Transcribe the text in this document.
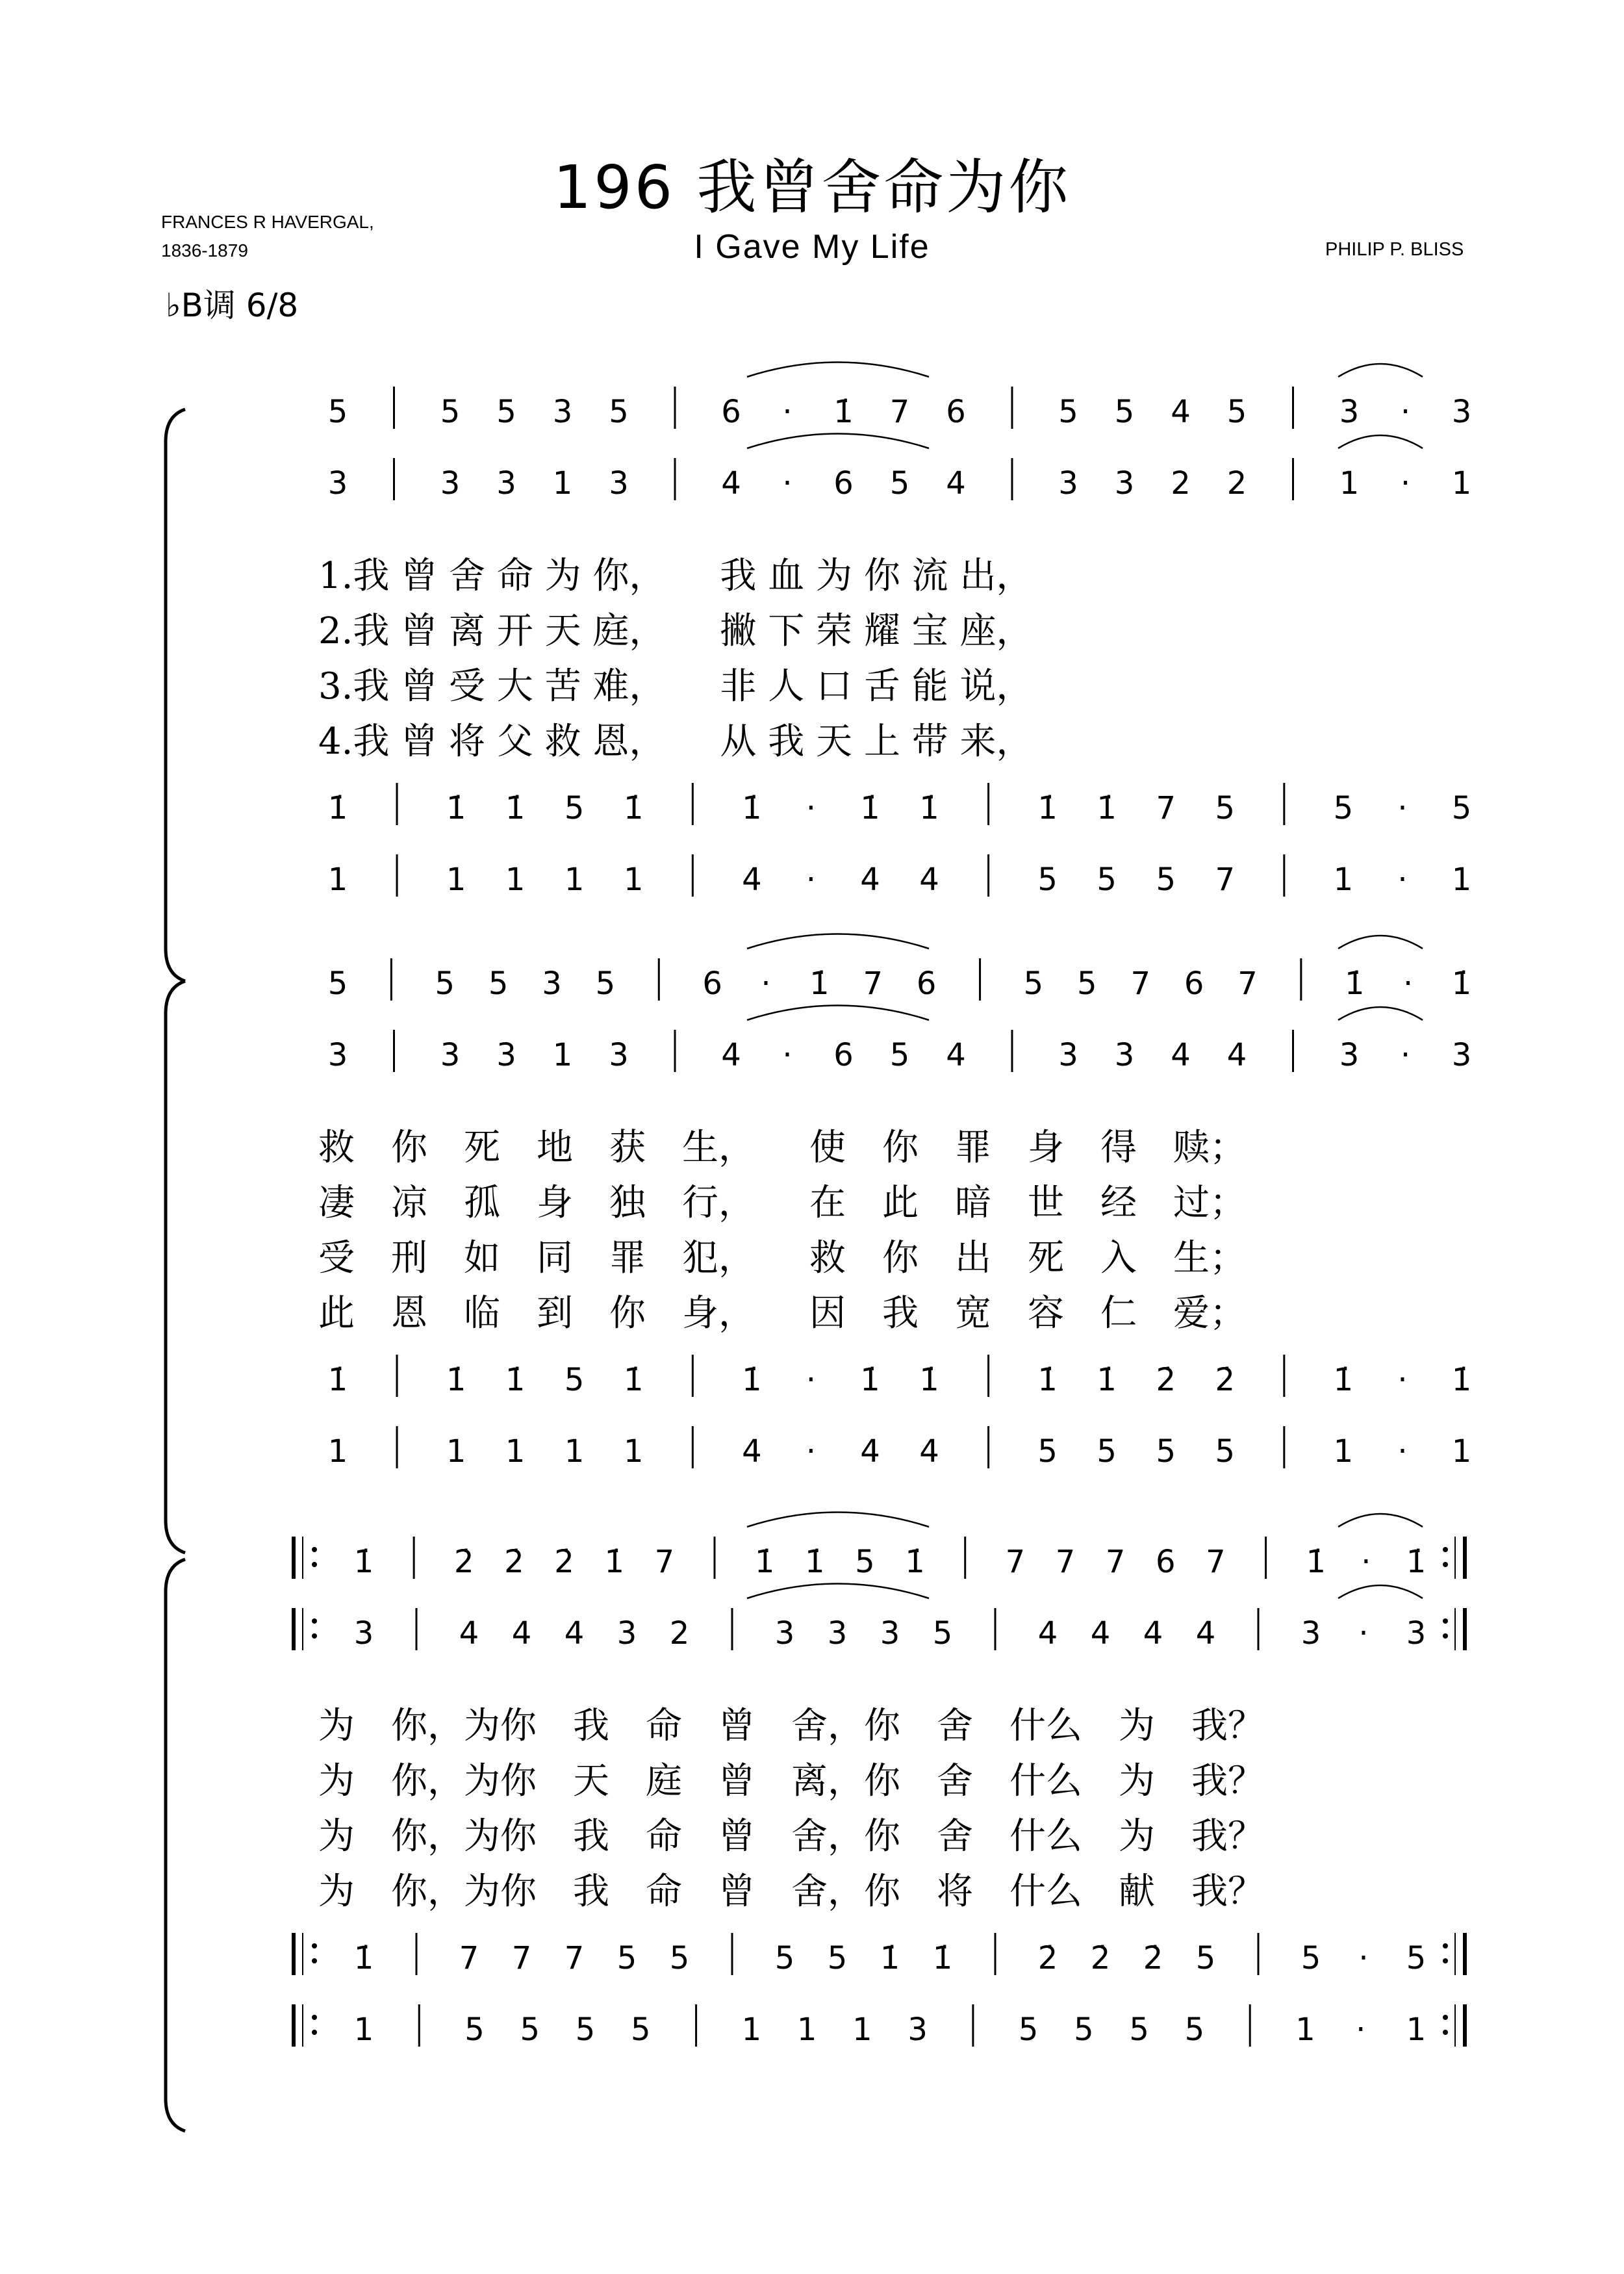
196 我曾舍命为你
I Gave My Life
FRANCES R HAVERGAL,
1836-1879	PHILIP P. BLISS
♭B调 6/8
5	5 5 3 5	6 · 1̇ 7 6	5 5 4 5	3 · 3
3	3 3 1 3	4 · 6 5 4	3 3 2 2	1 · 1
1̇	1̇ 1̇ 5 1̇	1̇ · 1̇ 1̇	1̇ 1̇ 7 5	5 · 5
1	1 1 1 1	4 · 4 4	5 5 5 7	1 · 1
1.我 曾 舍 命 为 你，　　我 血 为 你 流 出，
2.我 曾 离 开 天 庭，　　撇 下 荣 耀 宝 座，
3.我 曾 受 大 苦 难，　　非 人 口 舌 能 说，
4.我 曾 将 父 救 恩，　　从 我 天 上 带 来，
5	5 5 3 5	6 · 1̇ 7 6	5 5 7 6 7	1̇ · 1̇
3	3 3 1 3	4 · 6 5 4	3 3 4 4	3 · 3
1̇	1̇ 1̇ 5 1̇	1̇ · 1̇ 1̇	1̇ 1̇ 2̇ 2̇	1̇ · 1̇
1	1 1 1 1	4 · 4 4	5 5 5 5	1 · 1
救　你　死　地　获　生，　　使　你　罪　身　得　赎；
凄　凉　孤　身　独　行，　　在　此　暗　世　经　过；
受　刑　如　同　罪　犯，　　救　你　出　死　入　生；
此　恩　临　到　你　身，　　因　我　宽　容　仁　爱；
1̇	2̇ 2̇ 2̇ 1̇ 7	1̇ 1̇ 5 1̇	7 7 7 6 7	1̇ · 1̇
3	4 4 4 3 2	3 3 3 5	4 4 4 4	3 · 3
1̇	7 7 7 5 5	5 5 1̇ 1̇	2̇ 2̇ 2̇ 5	5 · 5
1	5 5 5 5	1 1 1 3	5 5 5 5	1 · 1
为　你，为你　我　命　曾　舍，你　舍　什么　为　我？
为　你，为你　天　庭　曾　离，你　舍　什么　为　我？
为　你，为你　我　命　曾　舍，你　舍　什么　为　我？
为　你，为你　我　命　曾　舍，你　将　什么　献　我？
